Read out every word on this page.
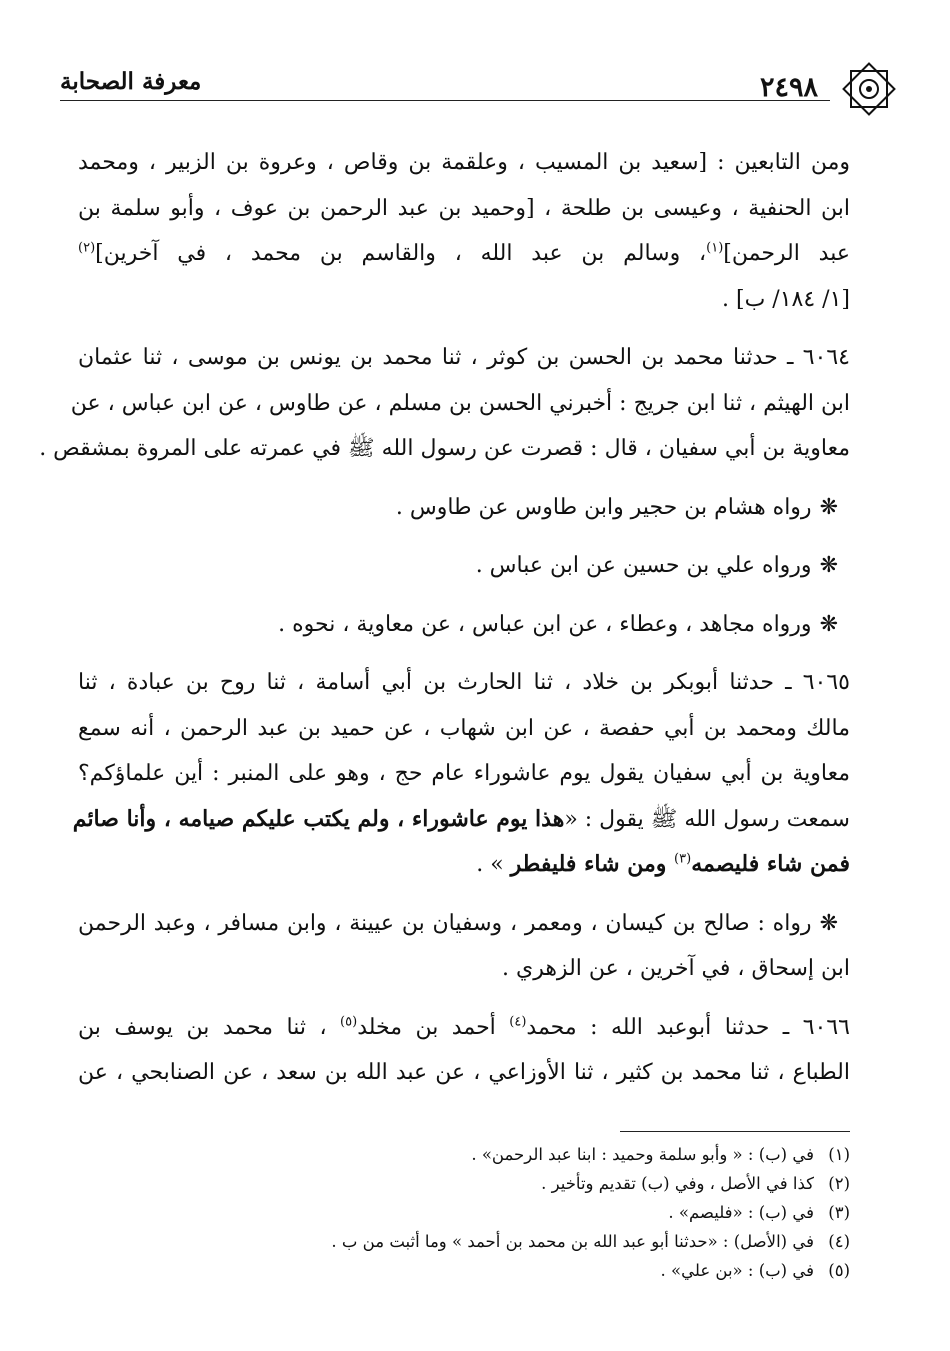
٢٤٩٨
معرفة الصحابة

ومن التابعين : [سعيد بن المسيب ، وعلقمة بن وقاص ، وعروة بن الزبير ، ومحمد
ابن الحنفية ، وعيسى بن طلحة ، [وحميد بن عبد الرحمن بن عوف ، وأبو سلمة بن
عبد الرحمن]$^{(١)}$، وسالم بن عبد الله ، والقاسم بن محمد ، في آخرين]$^{(٢)}$
[١/ ١٨٤/ ب] .

٦٠٦٤ ـ حدثنا محمد بن الحسن بن كوثر ، ثنا محمد بن يونس بن موسى ، ثنا عثمان
ابن الهيثم ، ثنا ابن جريج : أخبرني الحسن بن مسلم ، عن طاوس ، عن ابن عباس ، عن
معاوية بن أبي سفيان ، قال : قصرت عن رسول الله ﷺ في عمرته على المروة بمشقص .

❋رواه هشام بن حجير وابن طاوس عن طاوس .

❋ورواه علي بن حسين عن ابن عباس .

❋ورواه مجاهد ، وعطاء ، عن ابن عباس ، عن معاوية ، نحوه .

٦٠٦٥ ـ حدثنا أبوبكر بن خلاد ، ثنا الحارث بن أبي أسامة ، ثنا روح بن عبادة ، ثنا
مالك ومحمد بن أبي حفصة ، عن ابن شهاب ، عن حميد بن عبد الرحمن ، أنه سمع
معاوية بن أبي سفيان يقول يوم عاشوراء عام حج ، وهو على المنبر : أين علماؤكم؟
سمعت رسول الله ﷺ يقول : «هذا يوم عاشوراء ، ولم يكتب عليكم صيامه ، وأنا صائم
فمن شاء فليصمه$^{(٣)}$ ومن شاء فليفطر » .

❋رواه : صالح بن كيسان ، ومعمر ، وسفيان بن عيينة ، وابن مسافر ، وعبد الرحمن
ابن إسحاق ، في آخرين ، عن الزهري .

٦٠٦٦ ـ حدثنا أبوعبد الله : محمد$^{(٤)}$ أحمد بن مخلد$^{(٥)}$ ، ثنا محمد بن يوسف بن
الطباع ، ثنا محمد بن كثير ، ثنا الأوزاعي ، عن عبد الله بن سعد ، عن الصنابحي ، عن

(١)في (ب) : « وأبو سلمة وحميد : ابنا عبد الرحمن» .
(٢)كذا في الأصل ، وفي (ب) تقديم وتأخير .
(٣)في (ب) : «فليصم» .
(٤)في (الأصل) : «حدثنا أبو عبد الله بن محمد بن أحمد » وما أثبت من ب .
(٥)في (ب) : «بن علي» .
